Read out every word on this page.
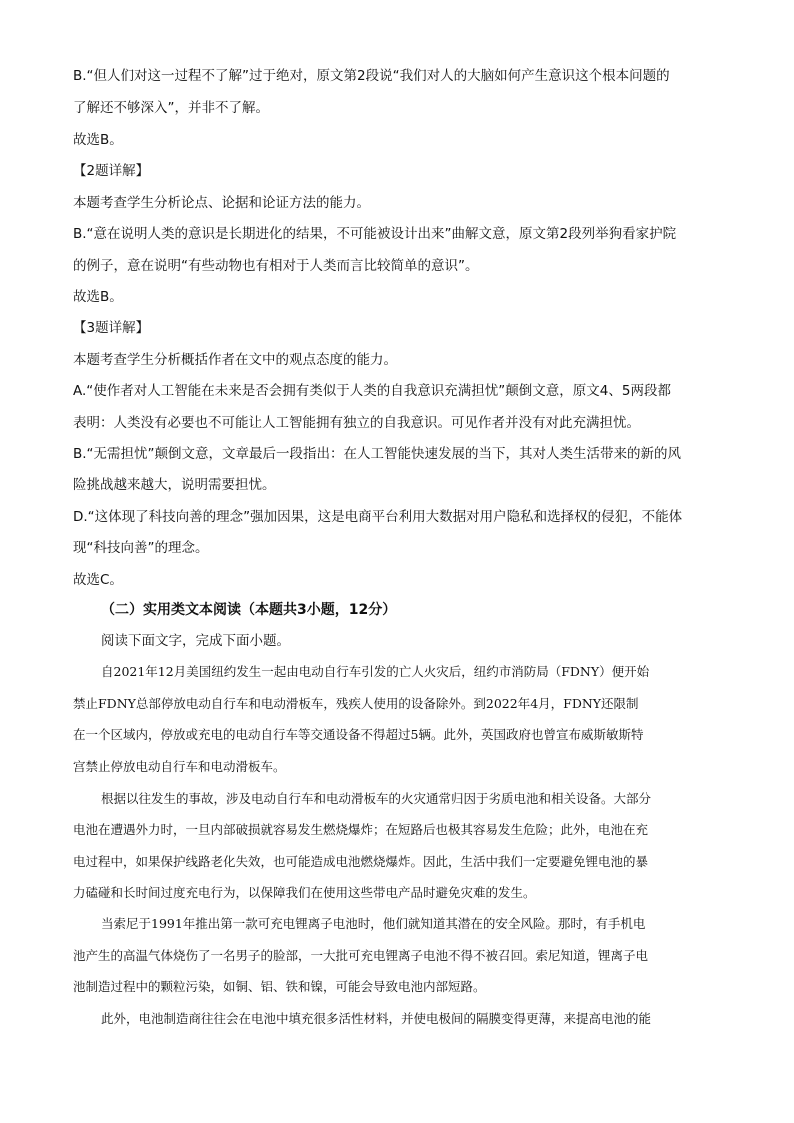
B.“但人们对这一过程不了解”过于绝对，原文第2段说“我们对人的大脑如何产生意识这个根本问题的
了解还不够深入”，并非不了解。
故选B。
【2题详解】
本题考查学生分析论点、论据和论证方法的能力。
B.“意在说明人类的意识是长期进化的结果，不可能被设计出来”曲解文意，原文第2段列举狗看家护院
的例子，意在说明“有些动物也有相对于人类而言比较简单的意识”。
故选B。
【3题详解】
本题考查学生分析概括作者在文中的观点态度的能力。
A.“使作者对人工智能在未来是否会拥有类似于人类的自我意识充满担忧”颠倒文意，原文4、5两段都
表明：人类没有必要也不可能让人工智能拥有独立的自我意识。可见作者并没有对此充满担忧。
B.“无需担忧”颠倒文意，文章最后一段指出：在人工智能快速发展的当下，其对人类生活带来的新的风
险挑战越来越大，说明需要担忧。
D.“这体现了科技向善的理念”强加因果，这是电商平台利用大数据对用户隐私和选择权的侵犯，不能体
现“科技向善”的理念。
故选C。
（二）实用类文本阅读（本题共3小题，12分）
阅读下面文字，完成下面小题。
自2021年12月美国纽约发生一起由电动自行车引发的亡人火灾后，纽约市消防局（FDNY）便开始
禁止FDNY总部停放电动自行车和电动滑板车，残疾人使用的设备除外。到2022年4月，FDNY还限制
在一个区域内，停放或充电的电动自行车等交通设备不得超过5辆。此外，英国政府也曾宣布威斯敏斯特
宫禁止停放电动自行车和电动滑板车。
根据以往发生的事故，涉及电动自行车和电动滑板车的火灾通常归因于劣质电池和相关设备。大部分
电池在遭遇外力时，一旦内部破损就容易发生燃烧爆炸；在短路后也极其容易发生危险；此外，电池在充
电过程中，如果保护线路老化失效，也可能造成电池燃烧爆炸。因此，生活中我们一定要避免锂电池的暴
力磕碰和长时间过度充电行为，以保障我们在使用这些带电产品时避免灾难的发生。
当索尼于1991年推出第一款可充电锂离子电池时，他们就知道其潜在的安全风险。那时，有手机电
池产生的高温气体烧伤了一名男子的脸部，一大批可充电锂离子电池不得不被召回。索尼知道，锂离子电
池制造过程中的颗粒污染，如铜、铝、铁和镍，可能会导致电池内部短路。
此外，电池制造商往往会在电池中填充很多活性材料，并使电极间的隔膜变得更薄，来提高电池的能
